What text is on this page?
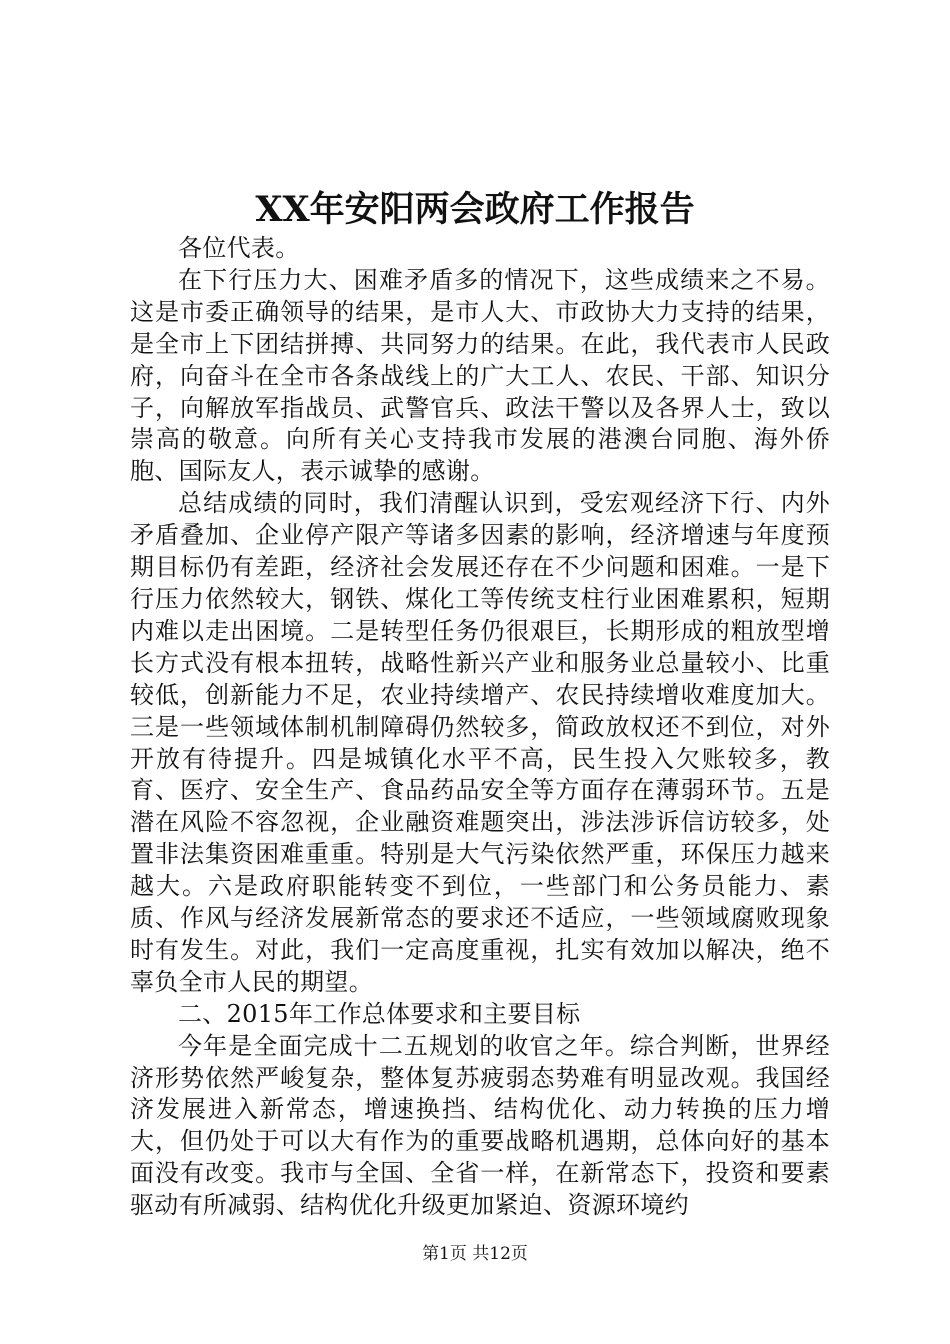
XX年安阳两会政府工作报告

各位代表。

在下行压力大、困难矛盾多的情况下，这些成绩来之不易。这是市委正确领导的结果，是市人大、市政协大力支持的结果，是全市上下团结拼搏、共同努力的结果。在此，我代表市人民政府，向奋斗在全市各条战线上的广大工人、农民、干部、知识分子，向解放军指战员、武警官兵、政法干警以及各界人士，致以崇高的敬意。向所有关心支持我市发展的港澳台同胞、海外侨胞、国际友人，表示诚挚的感谢。

总结成绩的同时，我们清醒认识到，受宏观经济下行、内外矛盾叠加、企业停产限产等诸多因素的影响，经济增速与年度预期目标仍有差距，经济社会发展还存在不少问题和困难。一是下行压力依然较大，钢铁、煤化工等传统支柱行业困难累积，短期内难以走出困境。二是转型任务仍很艰巨，长期形成的粗放型增长方式没有根本扭转，战略性新兴产业和服务业总量较小、比重较低，创新能力不足，农业持续增产、农民持续增收难度加大。三是一些领域体制机制障碍仍然较多，简政放权还不到位，对外开放有待提升。四是城镇化水平不高，民生投入欠账较多，教育、医疗、安全生产、食品药品安全等方面存在薄弱环节。五是潜在风险不容忽视，企业融资难题突出，涉法涉诉信访较多，处置非法集资困难重重。特别是大气污染依然严重，环保压力越来越大。六是政府职能转变不到位，一些部门和公务员能力、素质、作风与经济发展新常态的要求还不适应，一些领域腐败现象时有发生。对此，我们一定高度重视，扎实有效加以解决，绝不辜负全市人民的期望。

二、2015年工作总体要求和主要目标

今年是全面完成十二五规划的收官之年。综合判断，世界经济形势依然严峻复杂，整体复苏疲弱态势难有明显改观。我国经济发展进入新常态，增速换挡、结构优化、动力转换的压力增大，但仍处于可以大有作为的重要战略机遇期，总体向好的基本面没有改变。我市与全国、全省一样，在新常态下，投资和要素驱动有所减弱、结构优化升级更加紧迫、资源环境约

第1页 共12页
